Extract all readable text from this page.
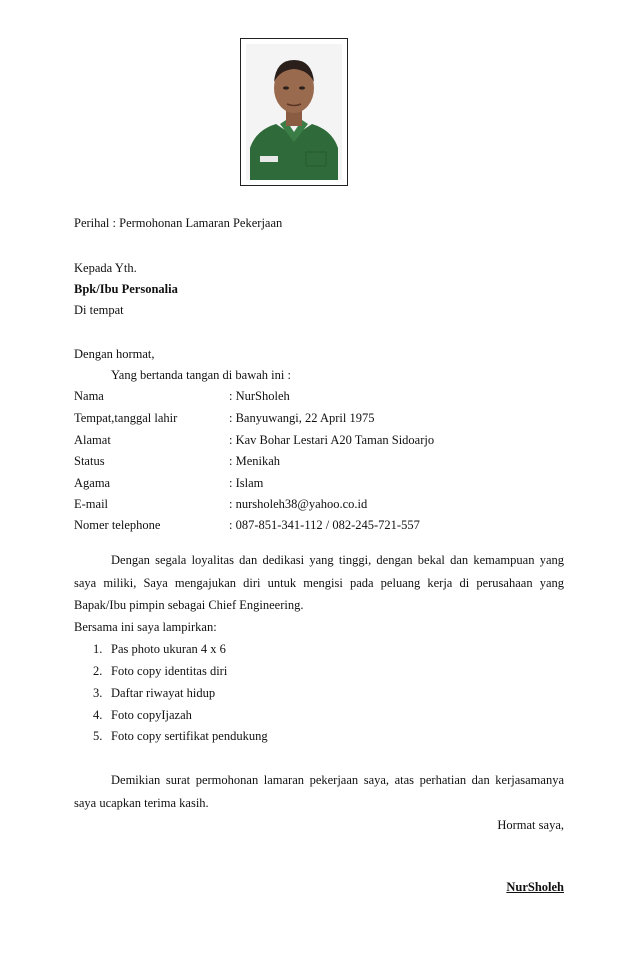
Perihal : Permohonan Lamaran Pekerjaan
Kepada Yth.
Bpk/Ibu Personalia
Di tempat
Dengan hormat,
Yang bertanda tangan di bawah ini :
Nama	: NurSholeh
Tempat,tanggal lahir	: Banyuwangi, 22 April 1975
Alamat	: Kav Bohar Lestari A20 Taman Sidoarjo
Status	: Menikah
Agama	: Islam
E-mail	: nursholeh38@yahoo.co.id
Nomer telephone	: 087-851-341-112 / 082-245-721-557
Dengan segala loyalitas dan dedikasi yang tinggi, dengan bekal dan kemampuan yang
saya miliki, Saya mengajukan diri untuk mengisi pada peluang kerja di perusahaan yang
Bapak/Ibu pimpin sebagai Chief Engineering.
Bersama ini saya lampirkan:
1. Pas photo ukuran 4 x 6
2. Foto copy identitas diri
3. Daftar riwayat hidup
4. Foto copyIjazah
5. Foto copy sertifikat pendukung
Demikian surat permohonan lamaran pekerjaan saya, atas perhatian dan kerjasamanya
saya ucapkan terima kasih.
Hormat saya,
NurSholeh
